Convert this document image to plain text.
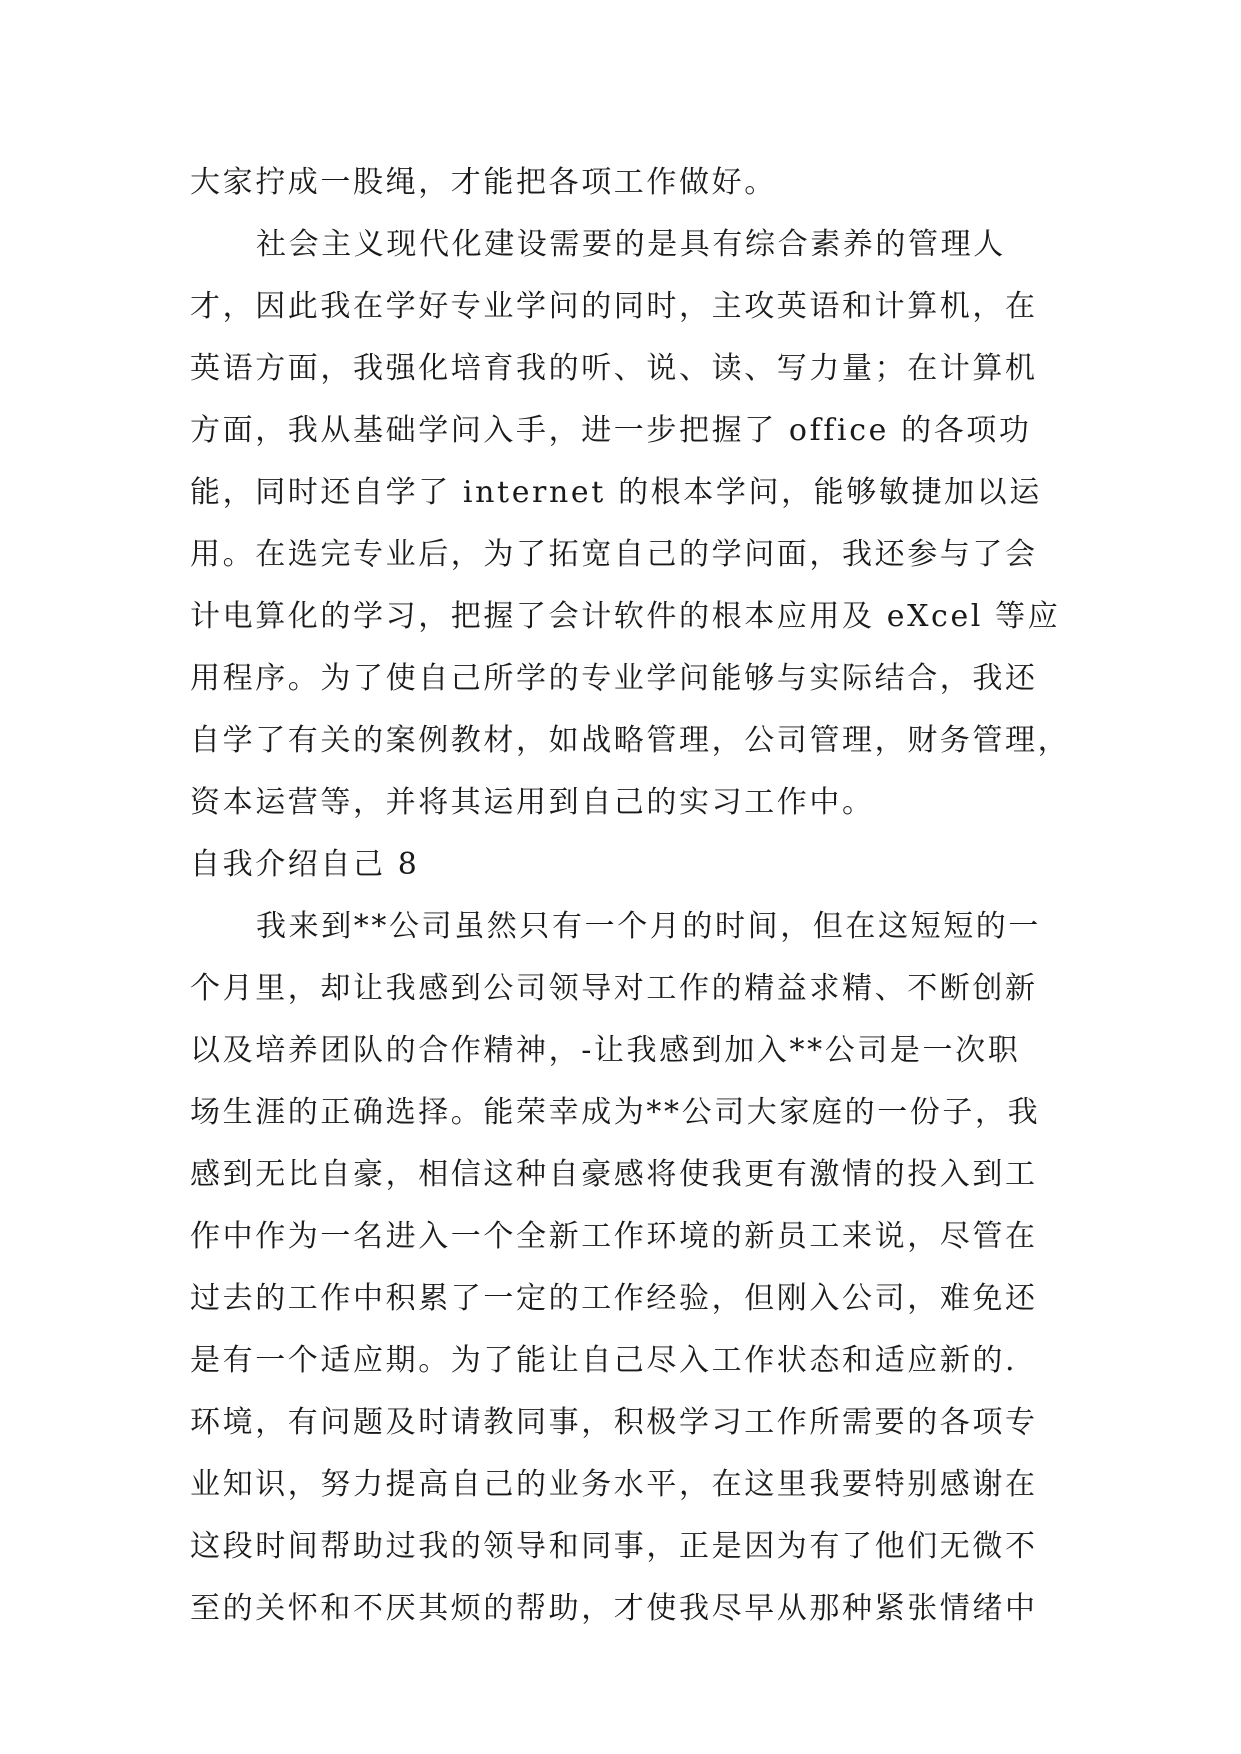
大家拧成一股绳，才能把各项工作做好。
社会主义现代化建设需要的是具有综合素养的管理人
才，因此我在学好专业学问的同时，主攻英语和计算机，在
英语方面，我强化培育我的听、说、读、写力量；在计算机
方面，我从基础学问入手，进一步把握了 office 的各项功
能，同时还自学了 internet 的根本学问，能够敏捷加以运
用。在选完专业后，为了拓宽自己的学问面，我还参与了会
计电算化的学习，把握了会计软件的根本应用及 eXcel 等应
用程序。为了使自己所学的专业学问能够与实际结合，我还
自学了有关的案例教材，如战略管理，公司管理，财务管理，
资本运营等，并将其运用到自己的实习工作中。
自我介绍自己 8
我来到**公司虽然只有一个月的时间，但在这短短的一
个月里，却让我感到公司领导对工作的精益求精、不断创新
以及培养团队的合作精神，-让我感到加入**公司是一次职
场生涯的正确选择。能荣幸成为**公司大家庭的一份子，我
感到无比自豪，相信这种自豪感将使我更有激情的投入到工
作中作为一名进入一个全新工作环境的新员工来说，尽管在
过去的工作中积累了一定的工作经验，但刚入公司，难免还
是有一个适应期。为了能让自己尽入工作状态和适应新的.
环境，有问题及时请教同事，积极学习工作所需要的各项专
业知识，努力提高自己的业务水平，在这里我要特别感谢在
这段时间帮助过我的领导和同事，正是因为有了他们无微不
至的关怀和不厌其烦的帮助，才使我尽早从那种紧张情绪中
